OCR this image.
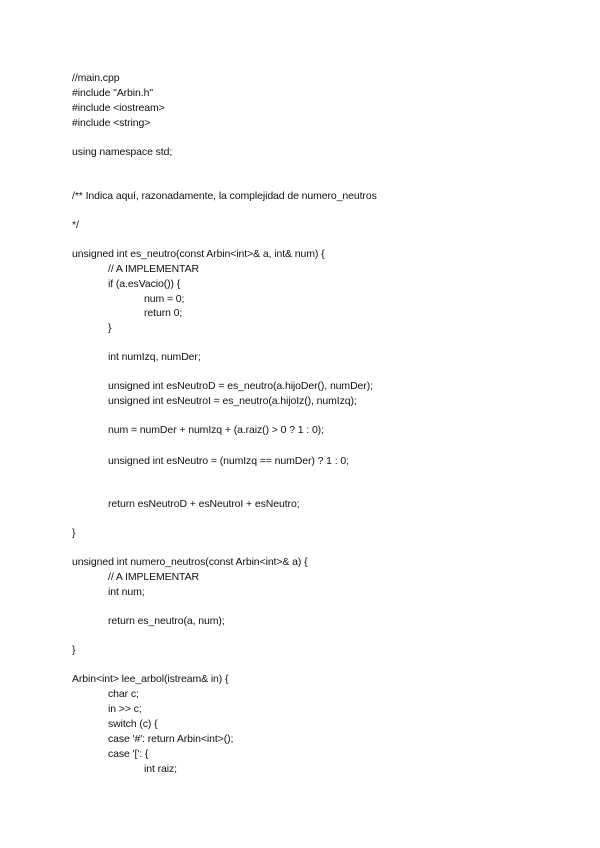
//main.cpp
#include "Arbin.h"
#include <iostream>
#include <string>
using namespace std;
/** Indica aquí, razonadamente, la complejidad de numero_neutros
*/
unsigned int es_neutro(const Arbin<int>& a, int& num) {
// A IMPLEMENTAR
if (a.esVacio()) {
num = 0;
return 0;
}
int numIzq, numDer;
unsigned int esNeutroD = es_neutro(a.hijoDer(), numDer);
unsigned int esNeutroI = es_neutro(a.hijoIz(), numIzq);
num = numDer + numIzq + (a.raiz() > 0 ? 1 : 0);
unsigned int esNeutro = (numIzq == numDer) ? 1 : 0;
return esNeutroD + esNeutroI + esNeutro;
}
unsigned int numero_neutros(const Arbin<int>& a) {
// A IMPLEMENTAR
int num;
return es_neutro(a, num);
}
Arbin<int> lee_arbol(istream& in) {
char c;
in >> c;
switch (c) {
case '#': return Arbin<int>();
case '[': {
int raiz;
